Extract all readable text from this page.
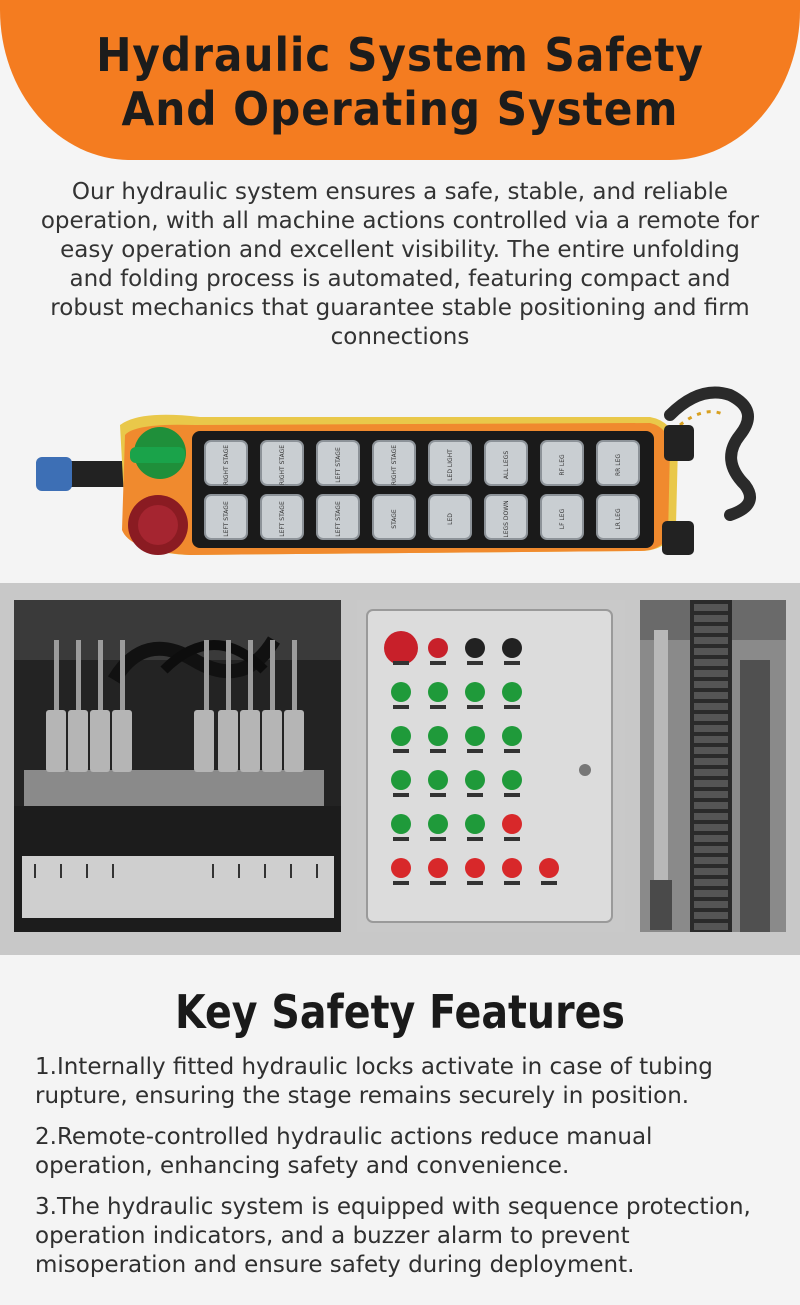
Hydraulic System Safety
And Operating System

Our hydraulic system ensures a safe, stable, and reliable operation, with all machine actions controlled via a remote for easy operation and excellent visibility. The entire unfolding and folding process is automated, featuring compact and robust mechanics that guarantee stable positioning and firm connections

RIGHT STAGE	RIGHT STAGE	LEFT STAGE	RIGHT STAGE	LED LIGHT	ALL LEGS	RF LEG	RR LEG
LEFT STAGE	LEFT STAGE	LEFT STAGE	STAGE	LED	LEGS DOWN	LF LEG	LR LEG
Key Safety Features

1.Internally fitted hydraulic locks activate in case of tubing rupture, ensuring the stage remains securely in position.

2.Remote-controlled hydraulic actions reduce manual operation, enhancing safety and convenience.

3.The hydraulic system is equipped with sequence protection, operation indicators, and a buzzer alarm to prevent misoperation and ensure safety during deployment.
